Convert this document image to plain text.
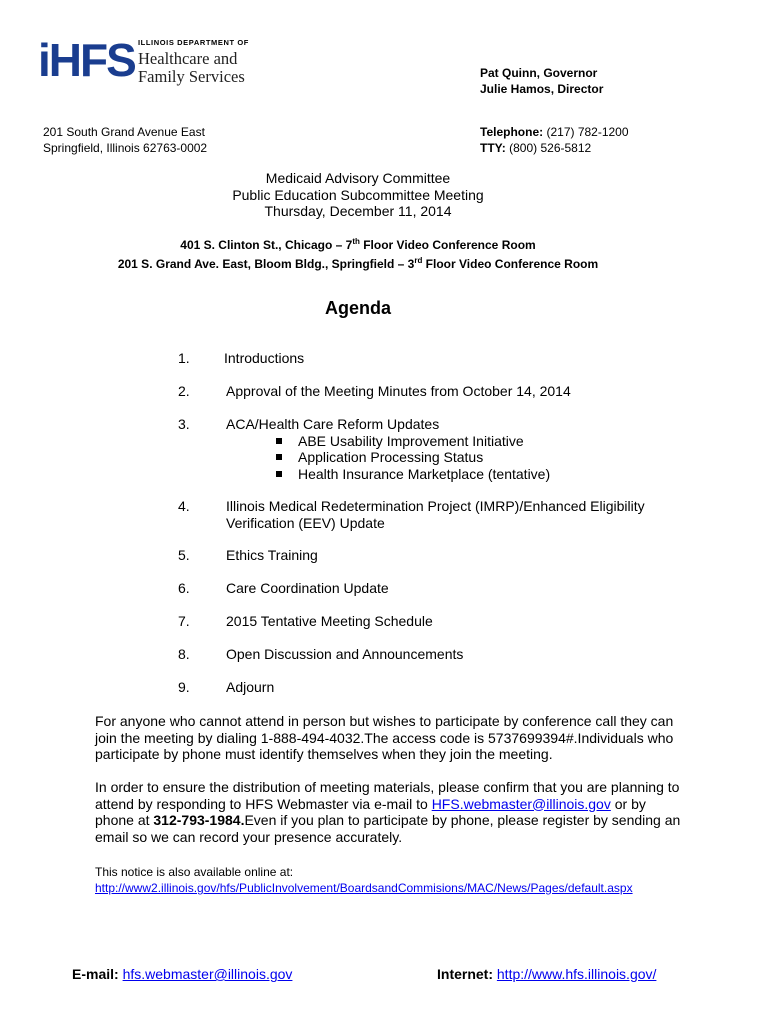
iHFS ILLINOIS DEPARTMENT OF
Healthcare and
Family Services	Pat Quinn, Governor
Julie Hamos, Director
201 South Grand Avenue East
Springfield, Illinois 62763-0002
Telephone: (217) 782-1200
TTY: (800) 526-5812
Medicaid Advisory Committee
Public Education Subcommittee Meeting
Thursday, December 11, 2014
401 S. Clinton St., Chicago – 7th Floor Video Conference Room
201 S. Grand Ave. East, Bloom Bldg., Springfield – 3rd Floor Video Conference Room
Agenda
1.	Introductions
2.	Approval of the Meeting Minutes from October 14, 2014
3.	ACA/Health Care Reform Updates
ABE Usability Improvement Initiative
Application Processing Status
Health Insurance Marketplace (tentative)
4.	Illinois Medical Redetermination Project (IMRP)/Enhanced Eligibility Verification (EEV) Update
5.	Ethics Training
6.	Care Coordination Update
7.	2015 Tentative Meeting Schedule
8.	Open Discussion and Announcements
9.	Adjourn
For anyone who cannot attend in person but wishes to participate by conference call they can join the meeting by dialing 1-888-494-4032.The access code is 5737699394#.Individuals who participate by phone must identify themselves when they join the meeting.
In order to ensure the distribution of meeting materials, please confirm that you are planning to attend by responding to HFS Webmaster via e-mail to HFS.webmaster@illinois.gov or by phone at 312-793-1984.Even if you plan to participate by phone, please register by sending an email so we can record your presence accurately.
This notice is also available online at:
http://www2.illinois.gov/hfs/PublicInvolvement/BoardsandCommisions/MAC/News/Pages/default.aspx
E-mail: hfs.webmaster@illinois.gov	Internet: http://www.hfs.illinois.gov/
